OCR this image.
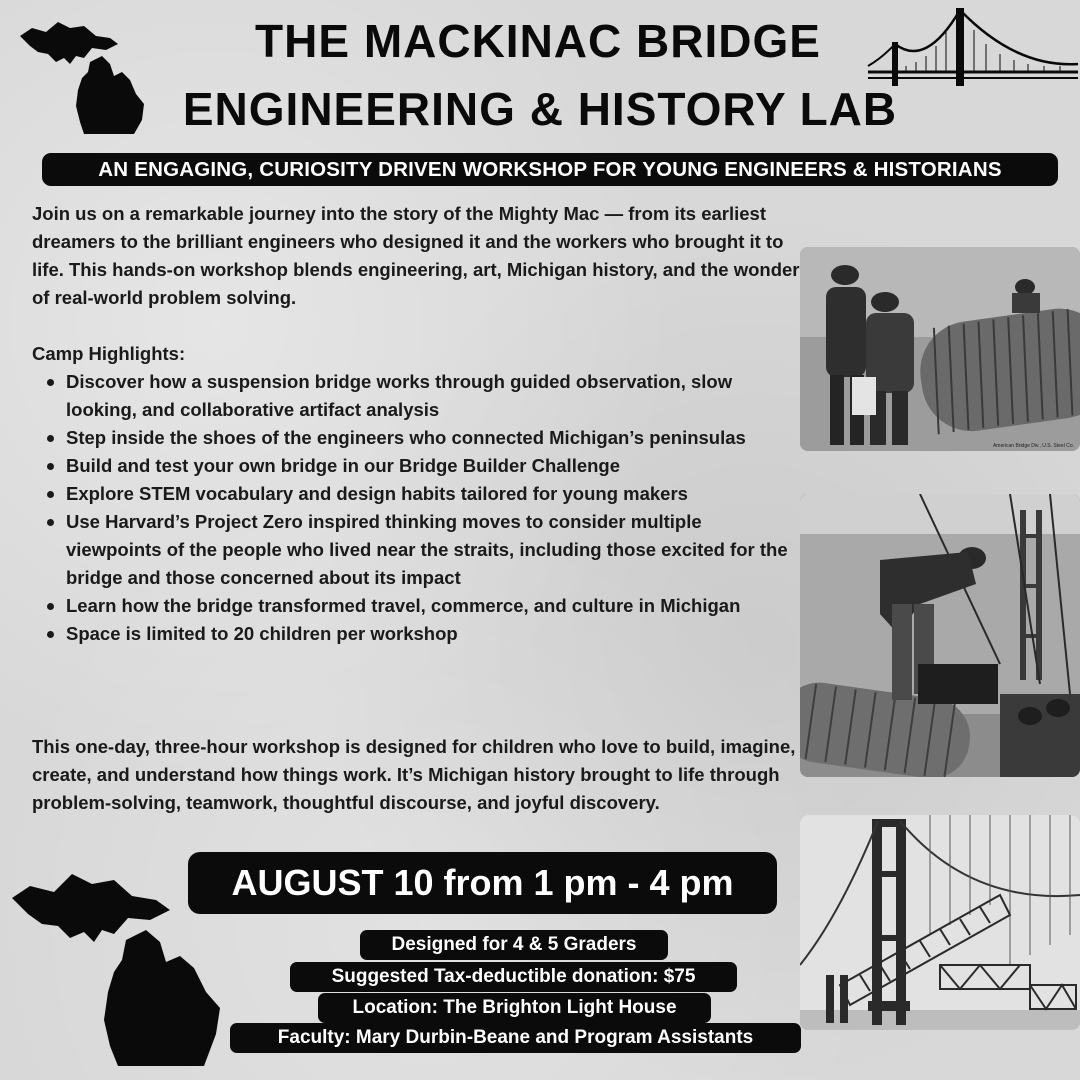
THE MACKINAC BRIDGE
ENGINEERING & HISTORY LAB
AN ENGAGING, CURIOSITY DRIVEN WORKSHOP FOR YOUNG ENGINEERS & HISTORIANS
Join us on a remarkable journey into the story of the Mighty Mac — from its earliest dreamers to the brilliant engineers who designed it and the workers who brought it to life. This hands-on workshop blends engineering, art, Michigan history, and the wonder of real-world problem solving.
Camp Highlights:
Discover how a suspension bridge works through guided observation, slow looking, and collaborative artifact analysis
Step inside the shoes of the engineers who connected Michigan’s peninsulas
Build and test your own bridge in our Bridge Builder Challenge
Explore STEM vocabulary and design habits tailored for young makers
Use Harvard’s Project Zero inspired thinking moves to consider multiple viewpoints of the people who lived near the straits, including those excited for the bridge and those concerned about its impact
Learn how the bridge transformed travel, commerce, and culture in Michigan
Space is limited to 20 children per workshop
This one-day, three-hour workshop is designed for children who love to build, imagine, create, and understand how things work. It’s Michigan history brought to life through problem-solving, teamwork, thoughtful discourse, and joyful discovery.
American Bridge Div., U.S. Steel Co.
AUGUST 10 from 1 pm - 4 pm
Designed for 4 & 5 Graders
Suggested Tax-deductible donation: $75
Location: The Brighton Light House
Faculty: Mary Durbin-Beane and Program Assistants
